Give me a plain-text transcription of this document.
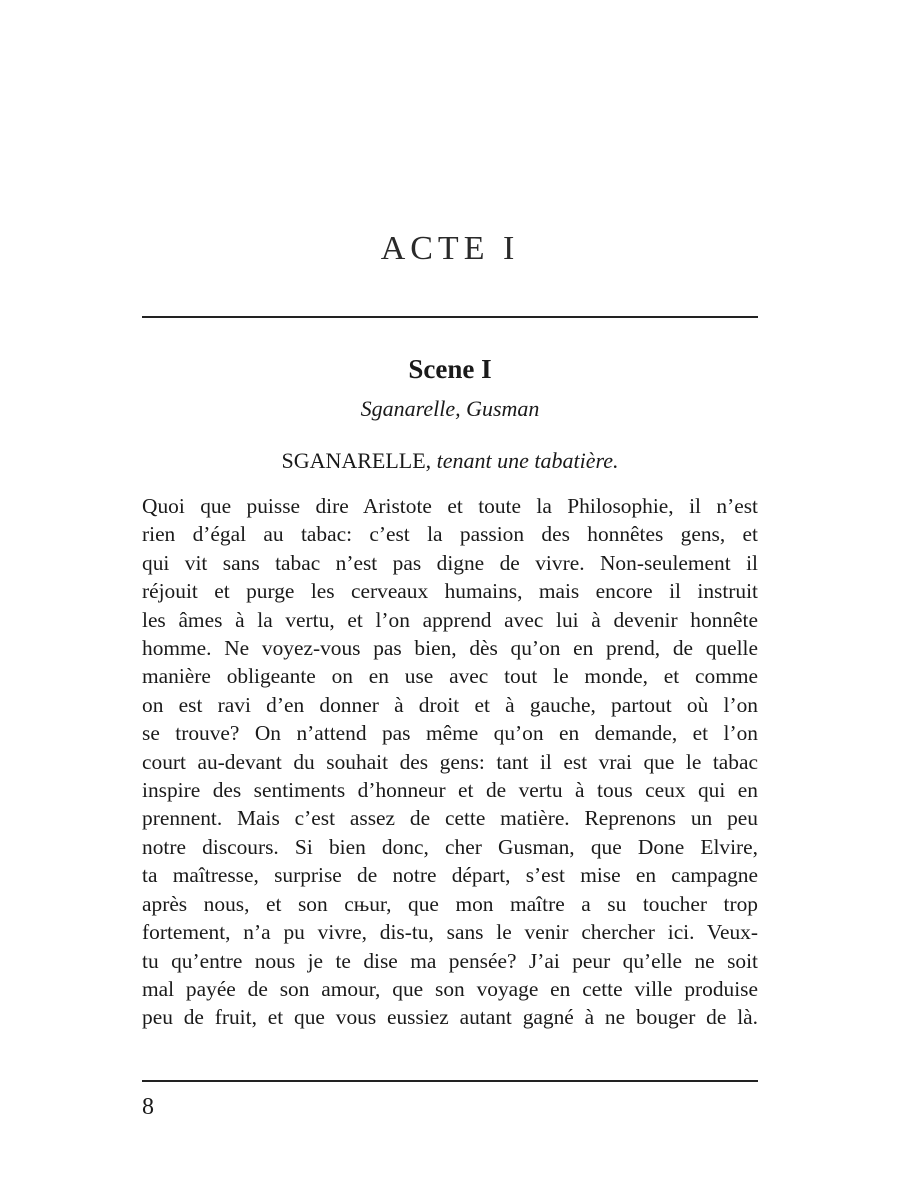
ACTE I
Scene I
Sganarelle, Gusman
SGANARELLE, tenant une tabatière.
Quoi que puisse dire Aristote et toute la Philosophie, il n’est
rien d’égal au tabac: c’est la passion des honnêtes gens, et
qui vit sans tabac n’est pas digne de vivre. Non-seulement il
réjouit et purge les cerveaux humains, mais encore il instruit
les âmes à la vertu, et l’on apprend avec lui à devenir honnête
homme. Ne voyez-vous pas bien, dès qu’on en prend, de quelle
manière obligeante on en use avec tout le monde, et comme
on est ravi d’en donner à droit et à gauche, partout où l’on
se trouve? On n’attend pas même qu’on en demande, et l’on
court au-devant du souhait des gens: tant il est vrai que le tabac
inspire des sentiments d’honneur et de vertu à tous ceux qui en
prennent. Mais c’est assez de cette matière. Reprenons un peu
notre discours. Si bien donc, cher Gusman, que Done Elvire,
ta maîtresse, surprise de notre départ, s’est mise en campagne
après nous, et son сњur, que mon maître a su toucher trop
fortement, n’a pu vivre, dis-tu, sans le venir chercher ici. Veux-
tu qu’entre nous je te dise ma pensée? J’ai peur qu’elle ne soit
mal payée de son amour, que son voyage en cette ville produise
peu de fruit, et que vous eussiez autant gagné à ne bouger de là.
8
